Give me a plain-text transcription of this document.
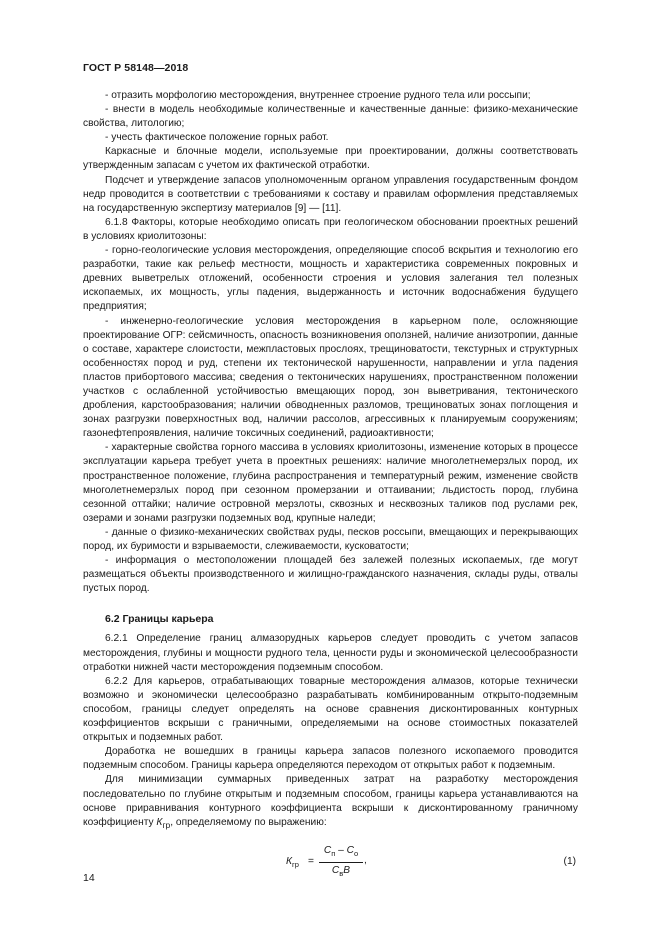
ГОСТ Р 58148—2018

- отразить морфологию месторождения, внутреннее строение рудного тела или россыпи;

- внести в модель необходимые количественные и качественные данные: физико-механические свойства, литологию;

- учесть фактическое положение горных работ.

Каркасные и блочные модели, используемые при проектировании, должны соответствовать утвержденным запасам с учетом их фактической отработки.

Подсчет и утверждение запасов уполномоченным органом управления государственным фондом недр проводится в соответствии с требованиями к составу и правилам оформления представляемых на государственную экспертизу материалов [9] — [11].

6.1.8 Факторы, которые необходимо описать при геологическом обосновании проектных решений в условиях криолитозоны:

- горно-геологические условия месторождения, определяющие способ вскрытия и технологию его разработки, такие как рельеф местности, мощность и характеристика современных покровных и древних выветрелых отложений, особенности строения и условия залегания тел полезных ископаемых, их мощность, углы падения, выдержанность и источник водоснабжения будущего предприятия;

- инженерно-геологические условия месторождения в карьерном поле, осложняющие проектирование ОГР: сейсмичность, опасность возникновения оползней, наличие анизотропии, данные о составе, характере слоистости, межпластовых прослоях, трещиноватости, текстурных и структурных особенностях пород и руд, степени их тектонической нарушенности, направлении и угла падения пластов прибортового массива; сведения о тектонических нарушениях, пространственном положении участков с ослабленной устойчивостью вмещающих пород, зон выветривания, тектонического дробления, карстообразования; наличии обводненных разломов, трещиноватых зонах поглощения и зонах разгрузки поверхностных вод, наличии рассолов, агрессивных к планируемым сооружениям; газонефтепроявления, наличие токсичных соединений, радиоактивности;

- характерные свойства горного массива в условиях криолитозоны, изменение которых в процессе эксплуатации карьера требует учета в проектных решениях: наличие многолетнемерзлых пород, их пространственное положение, глубина распространения и температурный режим, изменение свойств многолетнемерзлых пород при сезонном промерзании и оттаивании; льдистость пород, глубина сезонной оттайки; наличие островной мерзлоты, сквозных и несквозных таликов под руслами рек, озерами и зонами разгрузки подземных вод, крупные наледи;

- данные о физико-механических свойствах руды, песков россыпи, вмещающих и перекрывающих пород, их буримости и взрываемости, слеживаемости, кусковатости;

- информация о местоположении площадей без залежей полезных ископаемых, где могут размещаться объекты производственного и жилищно-гражданского назначения, склады руды, отвалы пустых пород.

6.2 Границы карьера

6.2.1 Определение границ алмазорудных карьеров следует проводить с учетом запасов месторождения, глубины и мощности рудного тела, ценности руды и экономической целесообразности отработки нижней части месторождения подземным способом.

6.2.2 Для карьеров, отрабатывающих товарные месторождения алмазов, которые технически возможно и экономически целесообразно разрабатывать комбинированным открыто-подземным способом, границы следует определять на основе сравнения дисконтированных контурных коэффициентов вскрыши с граничными, определяемыми на основе стоимостных показателей открытых и подземных работ.

Доработка не вошедших в границы карьера запасов полезного ископаемого проводится подземным способом. Границы карьера определяются переходом от открытых работ к подземным.

Для минимизации суммарных приведенных затрат на разработку месторождения последовательно по глубине открытым и подземным способом, границы карьера устанавливаются на основе приравнивания контурного коэффициента вскрыши к дисконтированному граничному коэффициенту $К_{гр}$, определяемому по выражению:

$К_{гр}$ =
$С_п - С_о$
$С_вВ$
,	(1)
14
